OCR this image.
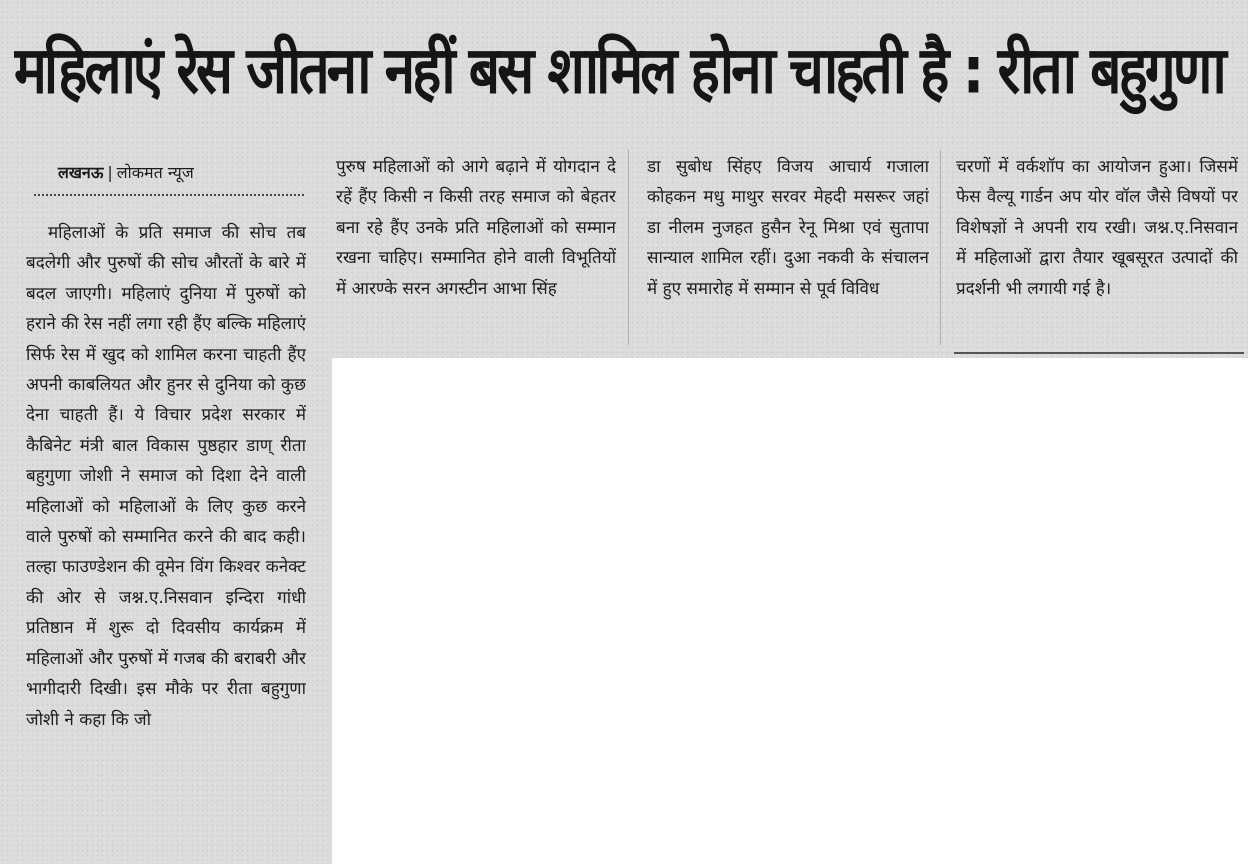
महिलाएं रेस जीतना नहीं बस शामिल होना चाहती है : रीता बहुगुणा
लखनऊ | लोकमत न्यूज

महिलाओं के प्रति समाज की सोच तब बदलेगी और पुरुषों की सोच औरतों के बारे में बदल जाएगी। महिलाएं दुनिया में पुरुषों को हराने की रेस नहीं लगा रही हैंए बल्कि महिलाएं सिर्फ रेस में खुद को शामिल करना चाहती हैंए अपनी काबलियत और हुनर से दुनिया को कुछ देना चाहती हैं। ये विचार प्रदेश सरकार में कैबिनेट मंत्री बाल विकास पुष्ठहार डाण् रीता बहुगुणा जोशी ने समाज को दिशा देने वाली महिलाओं को महिलाओं के लिए कुछ करने वाले पुरुषों को सम्मानित करने की बाद कही। तल्हा फाउण्डेशन की वूमेन विंग किश्वर कनेक्ट की ओर से जश्न.ए.निसवान इन्दिरा गांधी प्रतिष्ठान में शुरू दो दिवसीय कार्यक्रम में महिलाओं और पुरुषों में गजब की बराबरी और भागीदारी दिखी। इस मौके पर रीता बहुगुणा जोशी ने कहा कि जो

पुरुष महिलाओं को आगे बढ़ाने में योगदान दे रहें हैंए किसी न किसी तरह समाज को बेहतर बना रहे हैंए उनके प्रति महिलाओं को सम्मान रखना चाहिए। सम्मानित होने वाली विभूतियों में आरण्के सरन अगस्टीन आभा सिंह

डा सुबोध सिंहए विजय आचार्य गजाला कोहकन मधु माथुर सरवर मेहदी मसरूर जहां डा नीलम नुजहत हुसैन रेनू मिश्रा एवं सुतापा सान्याल शामिल रहीं। दुआ नकवी के संचालन में हुए समारोह में सम्मान से पूर्व विविध

चरणों में वर्कशॉप का आयोजन हुआ। जिसमें फेस वैल्यू गार्डन अप योर वॉल जैसे विषयों पर विशेषज्ञों ने अपनी राय रखी। जश्न.ए.निसवान में महिलाओं द्वारा तैयार खूबसूरत उत्पादों की प्रदर्शनी भी लगायी गई है।
